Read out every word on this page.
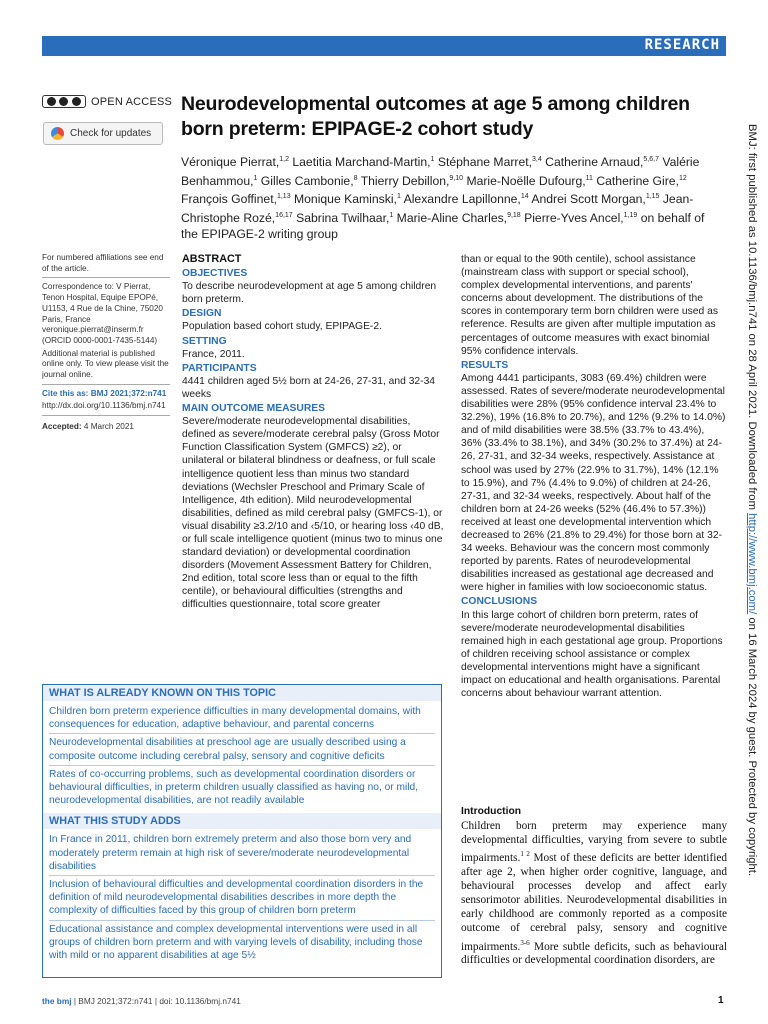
RESEARCH
OPEN ACCESS
Check for updates
Neurodevelopmental outcomes at age 5 among children born preterm: EPIPAGE-2 cohort study
Véronique Pierrat,$^{1,2}$ Laetitia Marchand-Martin,$^1$ Stéphane Marret,$^{3,4}$ Catherine Arnaud,$^{5,6,7}$ Valérie Benhammou,$^1$ Gilles Cambonie,$^8$ Thierry Debillon,$^{9,10}$ Marie-Noëlle Dufourg,$^{11}$ Catherine Gire,$^{12}$ François Goffinet,$^{1,13}$ Monique Kaminski,$^1$ Alexandre Lapillonne,$^{14}$ Andrei Scott Morgan,$^{1,15}$ Jean-Christophe Rozé,$^{16,17}$ Sabrina Twilhaar,$^1$ Marie-Aline Charles,$^{9,18}$ Pierre-Yves Ancel,$^{1,19}$ on behalf of the EPIPAGE-2 writing group

For numbered affiliations see end of the article.

Correspondence to: V Pierrat, Tenon Hospital, Equipe EPOPé, U1153, 4 Rue de la Chine, 75020 Paris, France veronique.pierrat@inserm.fr (ORCID 0000-0001-7435-5144)

Additional material is published online only. To view please visit the journal online.

Cite this as: BMJ 2021;372:n741

http://dx.doi.org/10.1136/bmj.n741

Accepted: 4 March 2021

ABSTRACT
OBJECTIVES

To describe neurodevelopment at age 5 among children born preterm.

DESIGN

Population based cohort study, EPIPAGE-2.

SETTING

France, 2011.

PARTICIPANTS

4441 children aged 5½ born at 24-26, 27-31, and 32-34 weeks

MAIN OUTCOME MEASURES

Severe/moderate neurodevelopmental disabilities, defined as severe/moderate cerebral palsy (Gross Motor Function Classification System (GMFCS) ≥2), or unilateral or bilateral blindness or deafness, or full scale intelligence quotient less than minus two standard deviations (Wechsler Preschool and Primary Scale of Intelligence, 4th edition). Mild neurodevelopmental disabilities, defined as mild cerebral palsy (GMFCS-1), or visual disability ≥3.2/10 and ‹5/10, or hearing loss ‹40 dB, or full scale intelligence quotient (minus two to minus one standard deviation) or developmental coordination disorders (Movement Assessment Battery for Children, 2nd edition, total score less than or equal to the fifth centile), or behavioural difficulties (strengths and difficulties questionnaire, total score greater

than or equal to the 90th centile), school assistance (mainstream class with support or special school), complex developmental interventions, and parents' concerns about development. The distributions of the scores in contemporary term born children were used as reference. Results are given after multiple imputation as percentages of outcome measures with exact binomial 95% confidence intervals.

RESULTS

Among 4441 participants, 3083 (69.4%) children were assessed. Rates of severe/moderate neurodevelopmental disabilities were 28% (95% confidence interval 23.4% to 32.2%), 19% (16.8% to 20.7%), and 12% (9.2% to 14.0%) and of mild disabilities were 38.5% (33.7% to 43.4%), 36% (33.4% to 38.1%), and 34% (30.2% to 37.4%) at 24-26, 27-31, and 32-34 weeks, respectively. Assistance at school was used by 27% (22.9% to 31.7%), 14% (12.1% to 15.9%), and 7% (4.4% to 9.0%) of children at 24-26, 27-31, and 32-34 weeks, respectively. About half of the children born at 24-26 weeks (52% (46.4% to 57.3%)) received at least one developmental intervention which decreased to 26% (21.8% to 29.4%) for those born at 32-34 weeks. Behaviour was the concern most commonly reported by parents. Rates of neurodevelopmental disabilities increased as gestational age decreased and were higher in families with low socioeconomic status.

CONCLUSIONS

In this large cohort of children born preterm, rates of severe/moderate neurodevelopmental disabilities remained high in each gestational age group. Proportions of children receiving school assistance or complex developmental interventions might have a significant impact on educational and health organisations. Parental concerns about behaviour warrant attention.

WHAT IS ALREADY KNOWN ON THIS TOPIC
Children born preterm experience difficulties in many developmental domains, with consequences for education, adaptive behaviour, and parental concerns
Neurodevelopmental disabilities at preschool age are usually described using a composite outcome including cerebral palsy, sensory and cognitive deficits
Rates of co-occurring problems, such as developmental coordination disorders or behavioural difficulties, in preterm children usually classified as having no, or mild, neurodevelopmental disabilities, are not readily available
WHAT THIS STUDY ADDS
In France in 2011, children born extremely preterm and also those born very and moderately preterm remain at high risk of severe/moderate neurodevelopmental disabilities
Inclusion of behavioural difficulties and developmental coordination disorders in the definition of mild neurodevelopmental disabilities describes in more depth the complexity of difficulties faced by this group of children born preterm
Educational assistance and complex developmental interventions were used in all groups of children born preterm and with varying levels of disability, including those with mild or no apparent disabilities at age 5½
Introduction

Children born preterm may experience many developmental difficulties, varying from severe to subtle impairments.$^{1 2}$ Most of these deficits are better identified after age 2, when higher order cognitive, language, and behavioural processes develop and affect early sensorimotor abilities. Neurodevelopmental disabilities in early childhood are commonly reported as a composite outcome of cerebral palsy, sensory and cognitive impairments.$^{3-6}$ More subtle deficits, such as behavioural difficulties or developmental coordination disorders, are

the bmj | BMJ 2021;372:n741 | doi: 10.1136/bmj.n741	1
BMJ: first published as 10.1136/bmj.n741 on 28 April 2021. Downloaded from http://www.bmj.com/ on 16 March 2024 by guest. Protected by copyright.
